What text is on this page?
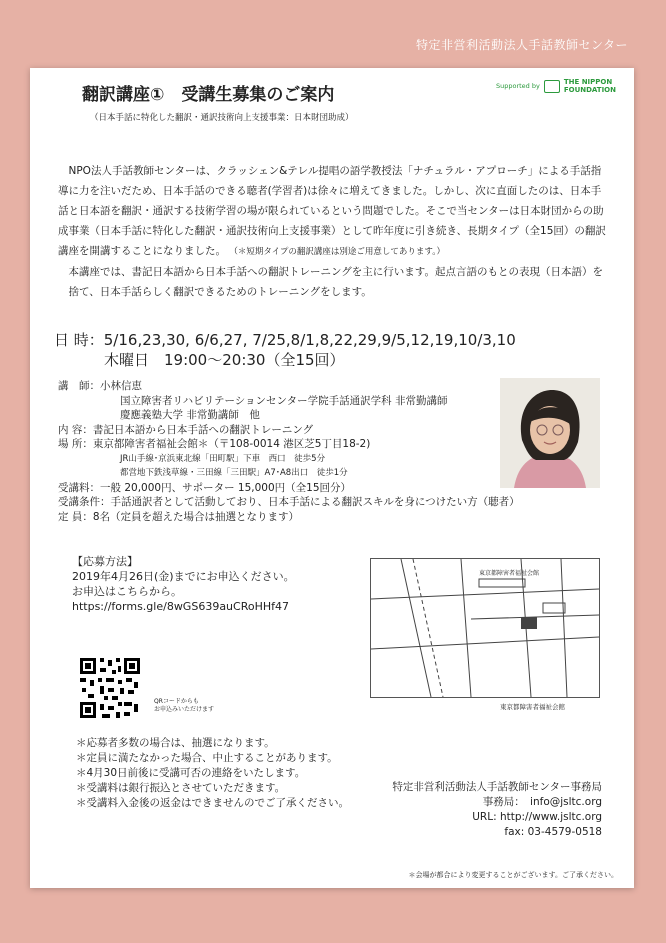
特定非営利活動法人手話教師センター
翻訳講座①　受講生募集のご案内
（日本手話に特化した翻訳・通訳技術向上支援事業：日本財団助成）
Supported by	THE NIPPON
FOUNDATION
NPO法人手話教師センターは、クラッシェン&テレル提唱の語学教授法「ナチュラル・アプローチ」による手話指導に力を注いだため、日本手話のできる聴者(学習者)は徐々に増えてきました。しかし、次に直面したのは、日本手話と日本語を翻訳・通訳する技術学習の場が限られているという問題でした。そこで当センターは日本財団からの助成事業（日本手話に特化した翻訳・通訳技術向上支援事業）として昨年度に引き続き、長期タイプ（全15回）の翻訳講座を開講することになりました。 （＊短期タイプの翻訳講座は別途ご用意してあります。）
本講座では、書記日本語から日本手話への翻訳トレーニングを主に行います。起点言語のもとの表現（日本語）を捨て、日本手話らしく翻訳できるためのトレーニングをします。
日 時：5/16,23,30, 6/6,27, 7/25,8/1,8,22,29,9/5,12,19,10/3,10
木曜日　19:00～20:30（全15回）
講　師：小林信恵
国立障害者リハビリテーションセンター学院手話通訳学科 非常勤講師
慶應義塾大学 非常勤講師　他
内 容：書記日本語から日本手話への翻訳トレーニング
場 所：東京都障害者福祉会館＊（〒108-0014 港区芝5丁目18-2)
JR山手線･京浜東北線「田町駅」下車　西口　徒歩5分
都営地下鉄浅草線・三田線「三田駅」A7･A8出口　徒歩1分
受講料：一般 20,000円、サポーター 15,000円（全15回分）
受講条件：手話通訳者として活動しており、日本手話による翻訳スキルを身につけたい方（聴者）
定 員：8名（定員を超えた場合は抽選となります）
【応募方法】
2019年4月26日(金)までにお申込ください。
お申込はこちらから。
https://forms.gle/8wGS639auCRoHHf47
QRコードからも
お申込みいただけます
東京都障害者福祉会館
東京都障害者福祉会館
＊応募者多数の場合は、抽選になります。
＊定員に満たなかった場合、中止することがあります。
＊4月30日前後に受講可否の連絡をいたします。
＊受講料は銀行振込とさせていただきます。
＊受講料入金後の返金はできませんのでご了承ください。
特定非営利活動法人手話教師センター事務局
事務局：　info@jsltc.org
URL: http://www.jsltc.org
fax: 03-4579-0518
＊会場が都合により変更することがございます。ご了承ください。
